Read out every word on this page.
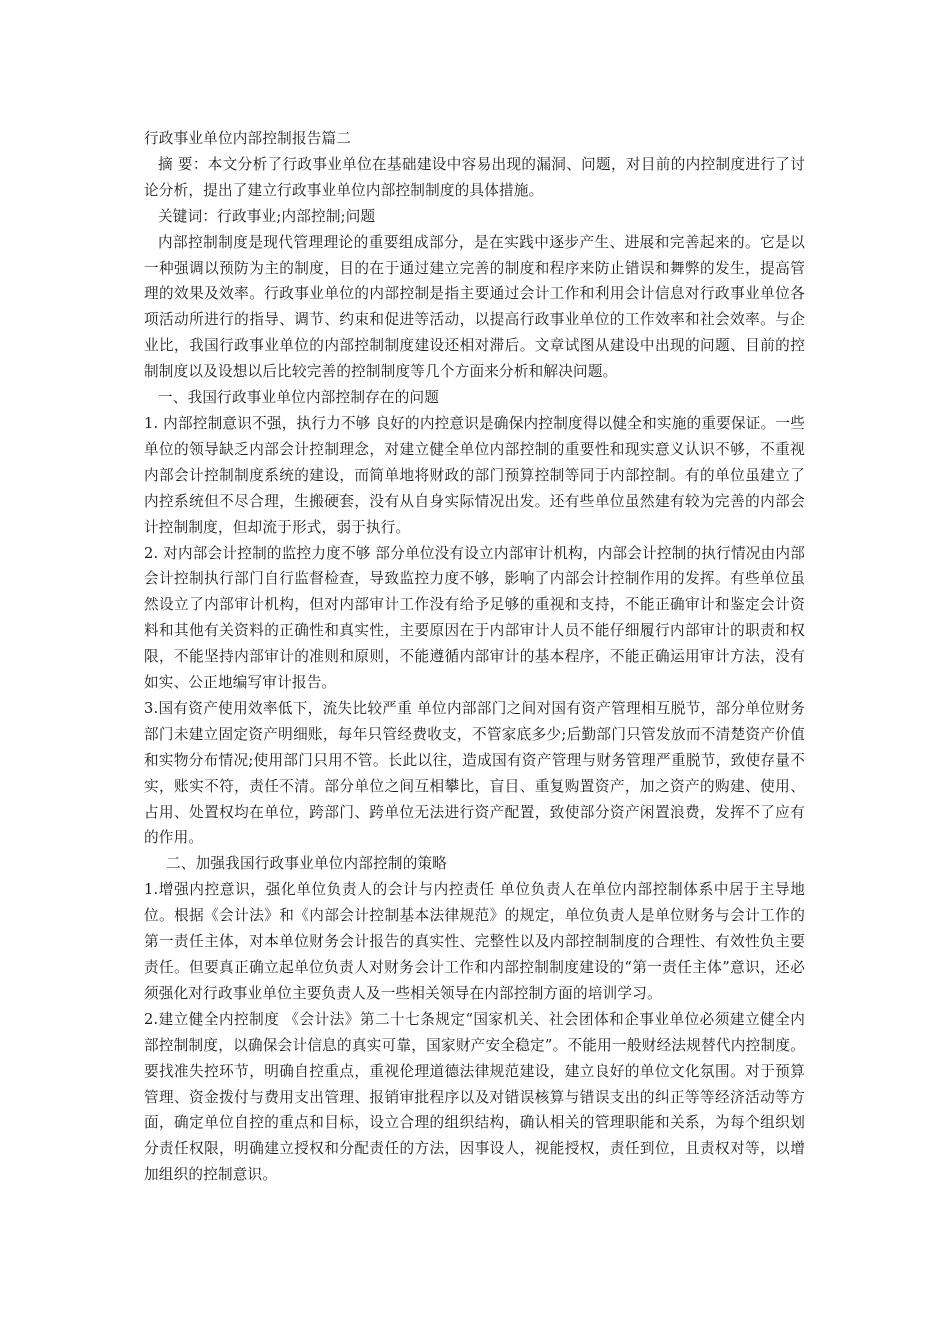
行政事业单位内部控制报告篇二

摘 要：本文分析了行政事业单位在基础建设中容易出现的漏洞、问题，对目前的内控制度进行了讨论分析，提出了建立行政事业单位内部控制制度的具体措施。

关键词：行政事业;内部控制;问题

内部控制制度是现代管理理论的重要组成部分，是在实践中逐步产生、进展和完善起来的。它是以一种强调以预防为主的制度，目的在于通过建立完善的制度和程序来防止错误和舞弊的发生，提高管理的效果及效率。行政事业单位的内部控制是指主要通过会计工作和利用会计信息对行政事业单位各项活动所进行的指导、调节、约束和促进等活动，以提高行政事业单位的工作效率和社会效率。与企业比，我国行政事业单位的内部控制制度建设还相对滞后。文章试图从建设中出现的问题、目前的控制制度以及设想以后比较完善的控制制度等几个方面来分析和解决问题。

一、我国行政事业单位内部控制存在的问题

1. 内部控制意识不强，执行力不够 良好的内控意识是确保内控制度得以健全和实施的重要保证。一些单位的领导缺乏内部会计控制理念，对建立健全单位内部控制的重要性和现实意义认识不够，不重视内部会计控制制度系统的建设，而简单地将财政的部门预算控制等同于内部控制。有的单位虽建立了内控系统但不尽合理，生搬硬套，没有从自身实际情况出发。还有些单位虽然建有较为完善的内部会计控制制度，但却流于形式，弱于执行。

2. 对内部会计控制的监控力度不够 部分单位没有设立内部审计机构，内部会计控制的执行情况由内部会计控制执行部门自行监督检查，导致监控力度不够，影响了内部会计控制作用的发挥。有些单位虽然设立了内部审计机构，但对内部审计工作没有给予足够的重视和支持，不能正确审计和鉴定会计资料和其他有关资料的正确性和真实性，主要原因在于内部审计人员不能仔细履行内部审计的职责和权限，不能坚持内部审计的准则和原则，不能遵循内部审计的基本程序，不能正确运用审计方法，没有如实、公正地编写审计报告。

3.国有资产使用效率低下，流失比较严重 单位内部部门之间对国有资产管理相互脱节，部分单位财务部门未建立固定资产明细账，每年只管经费收支，不管家底多少;后勤部门只管发放而不清楚资产价值和实物分布情况;使用部门只用不管。长此以往，造成国有资产管理与财务管理严重脱节，致使存量不实，账实不符，责任不清。部分单位之间互相攀比，盲目、重复购置资产，加之资产的购建、使用、占用、处置权均在单位，跨部门、跨单位无法进行资产配置，致使部分资产闲置浪费，发挥不了应有的作用。

二、加强我国行政事业单位内部控制的策略

1.增强内控意识，强化单位负责人的会计与内控责任 单位负责人在单位内部控制体系中居于主导地位。根据《会计法》和《内部会计控制基本法律规范》的规定，单位负责人是单位财务与会计工作的第一责任主体，对本单位财务会计报告的真实性、完整性以及内部控制制度的合理性、有效性负主要责任。但要真正确立起单位负责人对财务会计工作和内部控制制度建设的“第一责任主体”意识，还必须强化对行政事业单位主要负责人及一些相关领导在内部控制方面的培训学习。

2.建立健全内控制度 《会计法》第二十七条规定“国家机关、社会团体和企事业单位必须建立健全内部控制制度，以确保会计信息的真实可靠，国家财产安全稳定”。不能用一般财经法规替代内控制度。要找准失控环节，明确自控重点，重视伦理道德法律规范建设，建立良好的单位文化氛围。对于预算管理、资金拨付与费用支出管理、报销审批程序以及对错误核算与错误支出的纠正等等经济活动等方面，确定单位自控的重点和目标，设立合理的组织结构，确认相关的管理职能和关系，为每个组织划分责任权限，明确建立授权和分配责任的方法，因事设人，视能授权，责任到位，且责权对等，以增加组织的控制意识。
